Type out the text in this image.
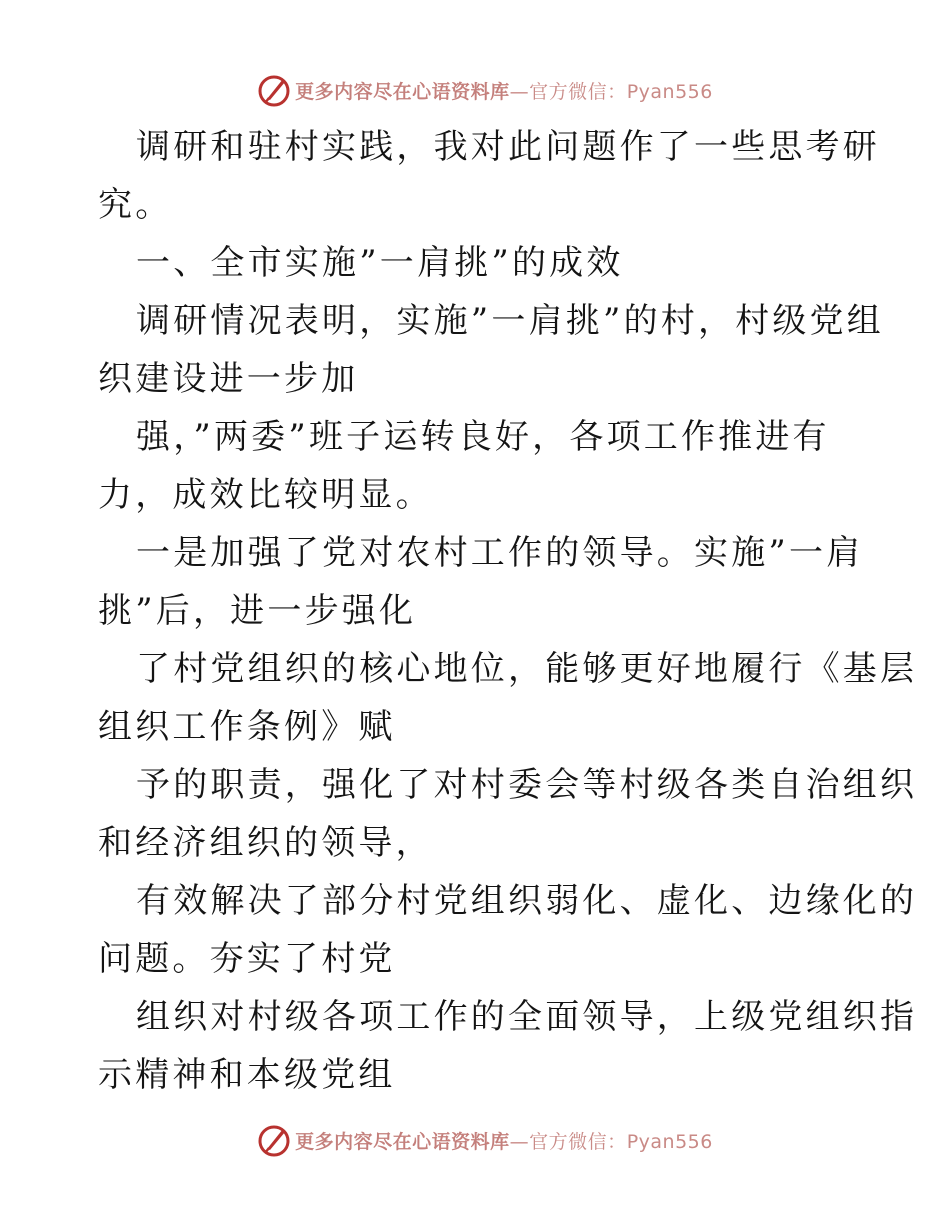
更多内容尽在心语资料库—官方微信：Pyan556
调研和驻村实践，我对此问题作了一些思考研
究。
一、全市实施”一肩挑”的成效
调研情况表明，实施”一肩挑”的村，村级党组
织建设进一步加
强，”两委”班子运转良好，各项工作推进有
力，成效比较明显。
一是加强了党对农村工作的领导。实施”一肩
挑”后，进一步强化
了村党组织的核心地位，能够更好地履行《基层
组织工作条例》赋
予的职责，强化了对村委会等村级各类自治组织
和经济组织的领导，
有效解决了部分村党组织弱化、虚化、边缘化的
问题。夯实了村党
组织对村级各项工作的全面领导，上级党组织指
示精神和本级党组
更多内容尽在心语资料库—官方微信：Pyan556
